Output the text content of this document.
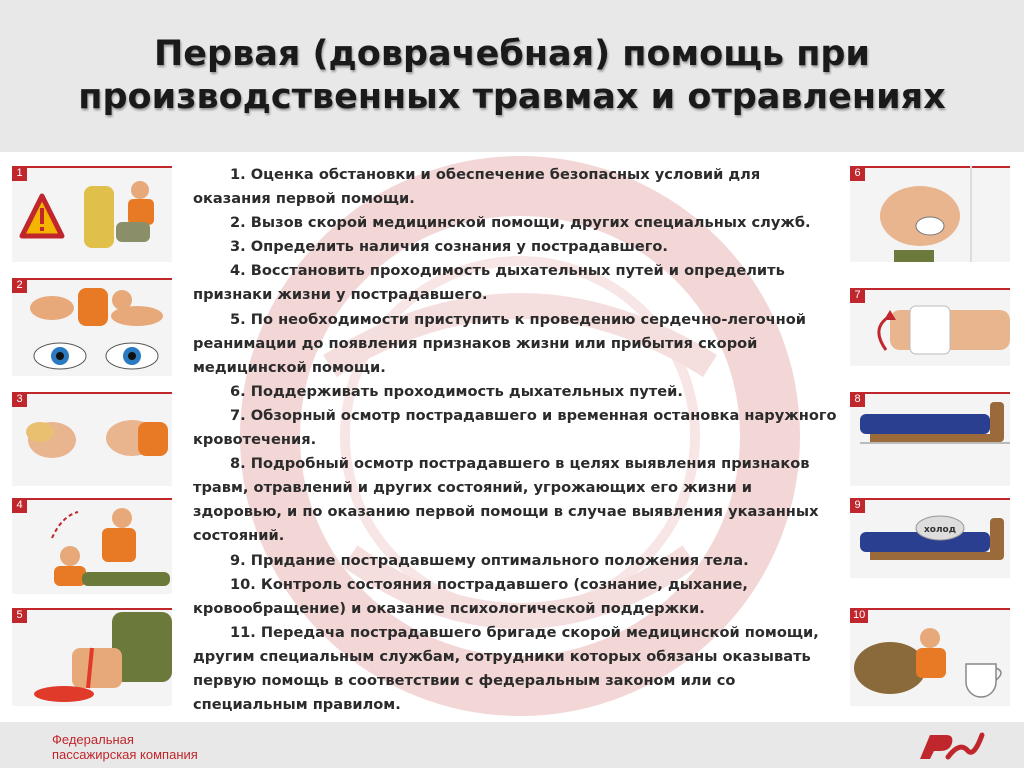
Первая (доврачебная) помощь при
производственных травмах и отравлениях

1. Оценка обстановки и обеспечение безопасных условий для оказания первой помощи.

2. Вызов скорой медицинской помощи, других специальных служб.

3. Определить наличия сознания у пострадавшего.

4. Восстановить проходимость дыхательных путей и определить признаки жизни у пострадавшего.

5. По необходимости приступить к проведению сердечно-легочной реанимации до появления признаков жизни или прибытия скорой медицинской помощи.

6. Поддерживать проходимость дыхательных путей.

7. Обзорный осмотр пострадавшего и временная остановка наружного кровотечения.

8. Подробный осмотр пострадавшего в целях выявления признаков травм, отравлений и других состояний, угрожающих его жизни и здоровью, и по оказанию первой помощи в случае выявления указанных состояний.

9. Придание пострадавшему оптимального положения тела.

10. Контроль состояния пострадавшего (сознание, дыхание, кровообращение) и оказание психологической поддержки.

11. Передача пострадавшего бригаде скорой медицинской помощи, другим специальным службам, сотрудники которых обязаны оказывать первую помощь в соответствии с федеральным законом или со специальным правилом.

1
2
3
4
5
6
7
8
9
холод
10
Федеральная
пассажирская компания
